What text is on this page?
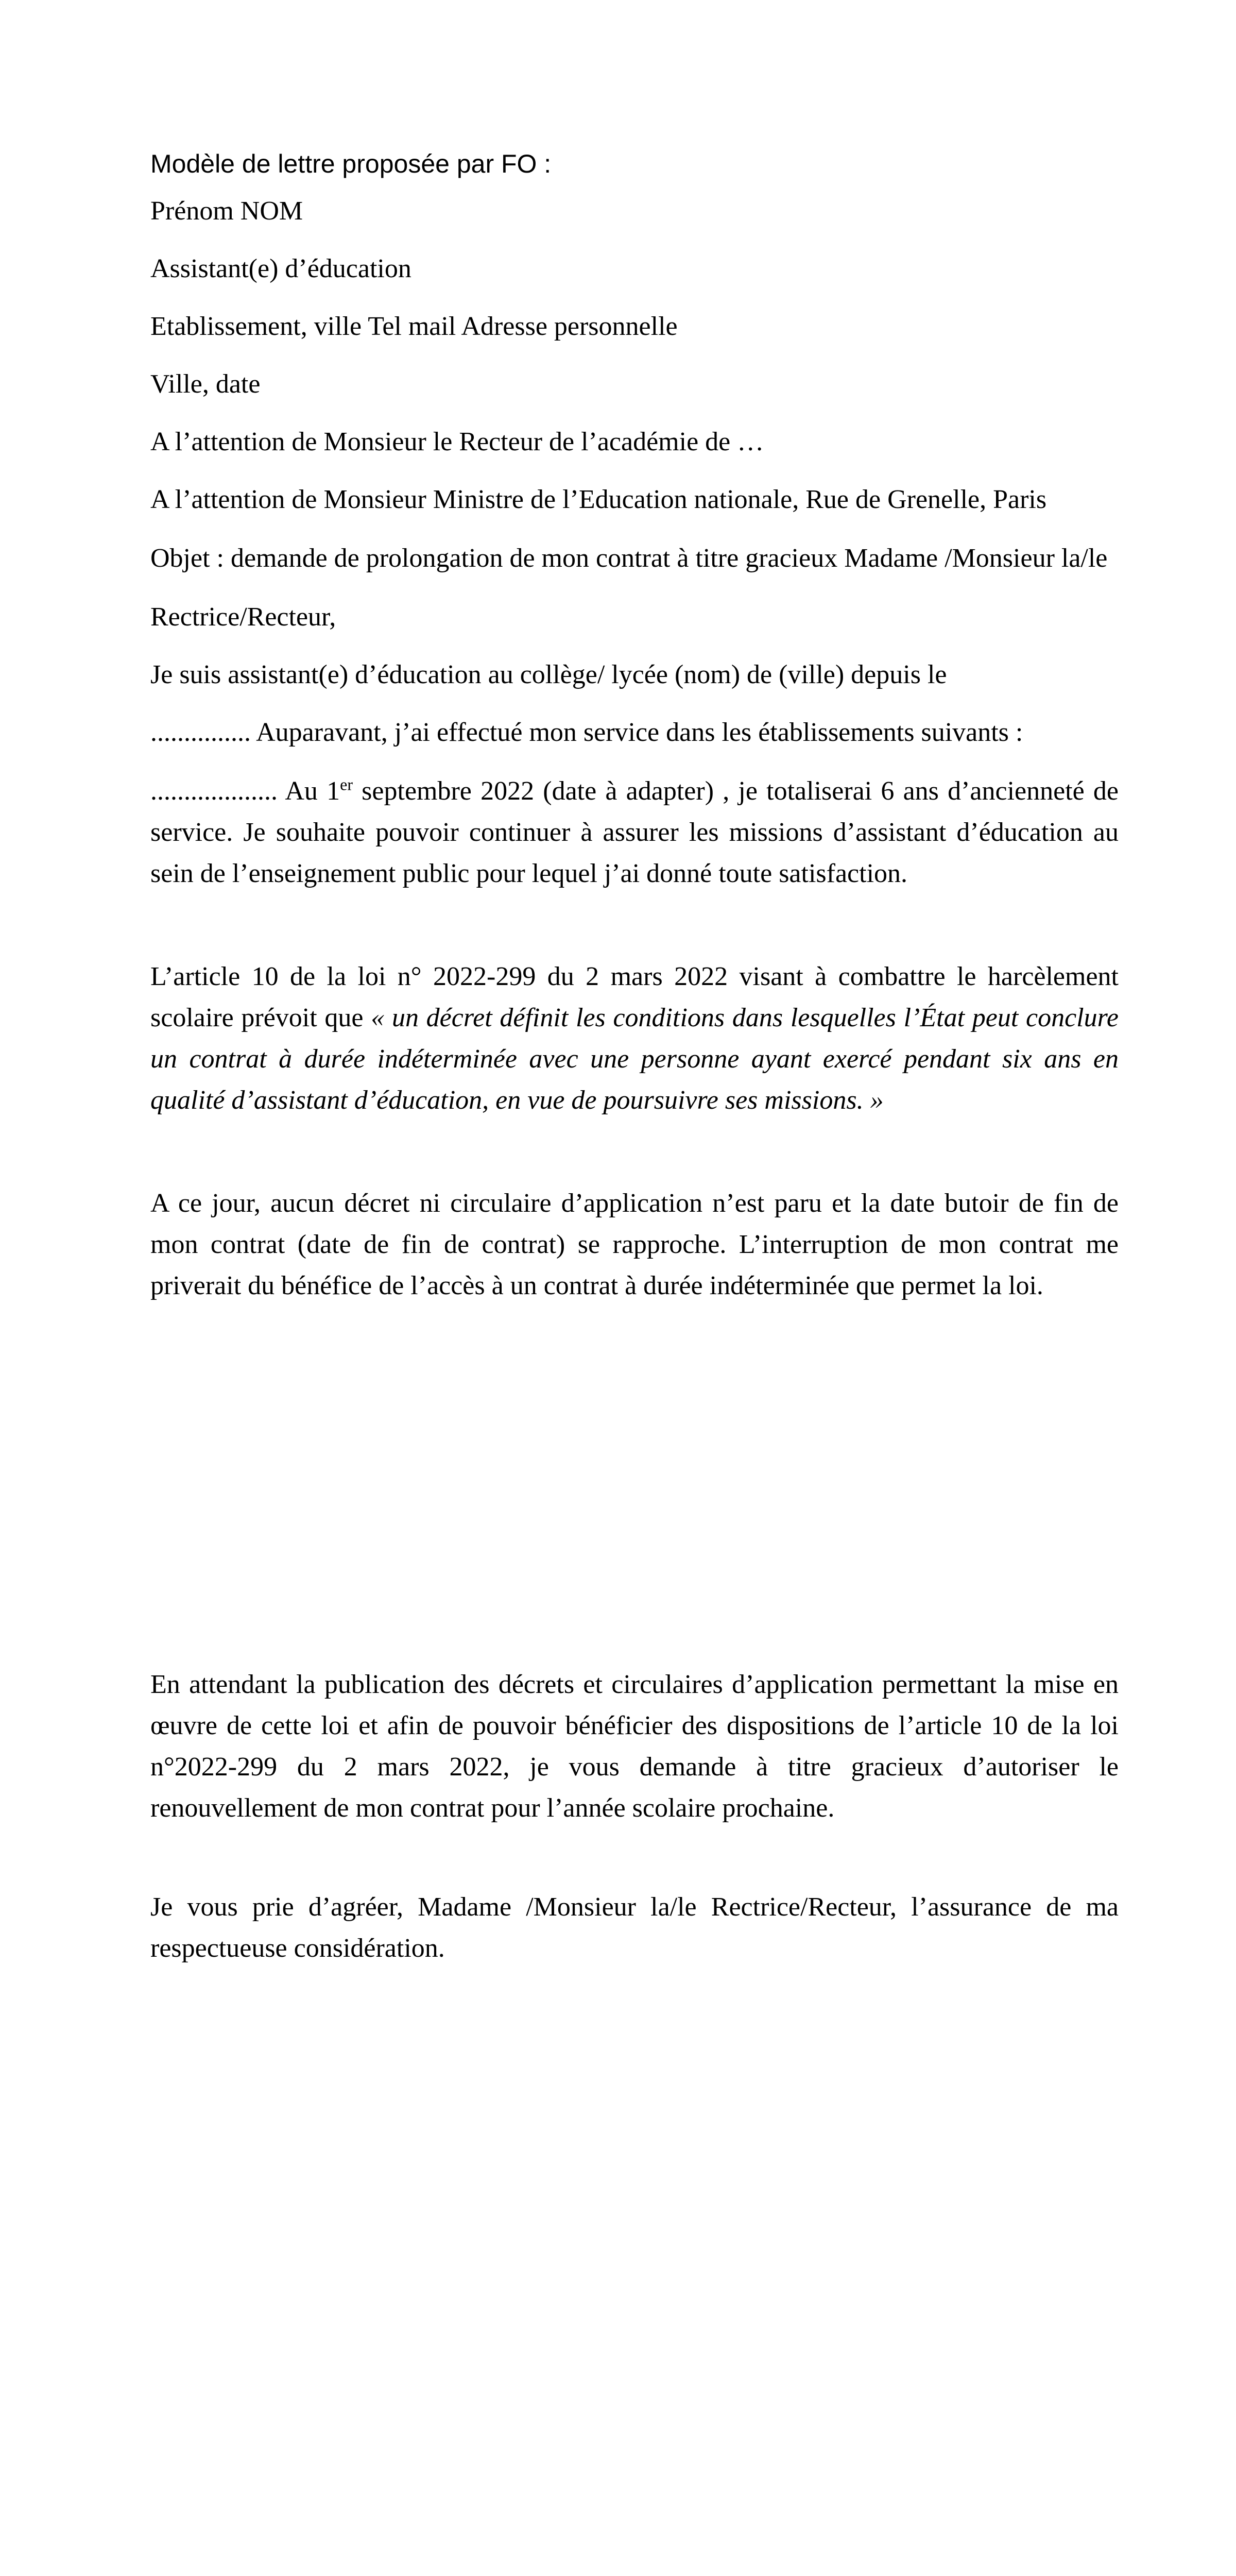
Modèle de lettre proposée par FO :

Prénom NOM

Assistant(e) d’éducation

Etablissement, ville Tel mail Adresse personnelle

Ville, date

A l’attention de Monsieur le Recteur de l’académie de …

A l’attention de Monsieur Ministre de l’Education nationale, Rue de Grenelle, Paris

Objet : demande de prolongation de mon contrat à titre gracieux Madame /Monsieur la/le

Rectrice/Recteur,

Je suis assistant(e) d’éducation au collège/ lycée (nom) de (ville) depuis le

............... Auparavant, j’ai effectué mon service dans les établissements suivants :

................... Au 1er septembre 2022 (date à adapter) , je totaliserai 6 ans d’ancienneté de service. Je souhaite pouvoir continuer à assurer les missions d’assistant d’éducation au sein de l’enseignement public pour lequel j’ai donné toute satisfaction.

L’article 10 de la loi n° 2022-299 du 2 mars 2022 visant à combattre le harcèlement scolaire prévoit que « un décret définit les conditions dans lesquelles l’État peut conclure un contrat à durée indéterminée avec une personne ayant exercé pendant six ans en qualité d’assistant d’éducation, en vue de poursuivre ses missions. »

A ce jour, aucun décret ni circulaire d’application n’est paru et la date butoir de fin de mon contrat (date de fin de contrat) se rapproche. L’interruption de mon contrat me priverait du bénéfice de l’accès à un contrat à durée indéterminée que permet la loi.

En attendant la publication des décrets et circulaires d’application permettant la mise en œuvre de cette loi et afin de pouvoir bénéficier des dispositions de l’article 10 de la loi n°2022-299 du 2 mars 2022, je vous demande à titre gracieux d’autoriser le renouvellement de mon contrat pour l’année scolaire prochaine.

Je vous prie d’agréer, Madame /Monsieur la/le Rectrice/Recteur, l’assurance de ma respectueuse considération.
